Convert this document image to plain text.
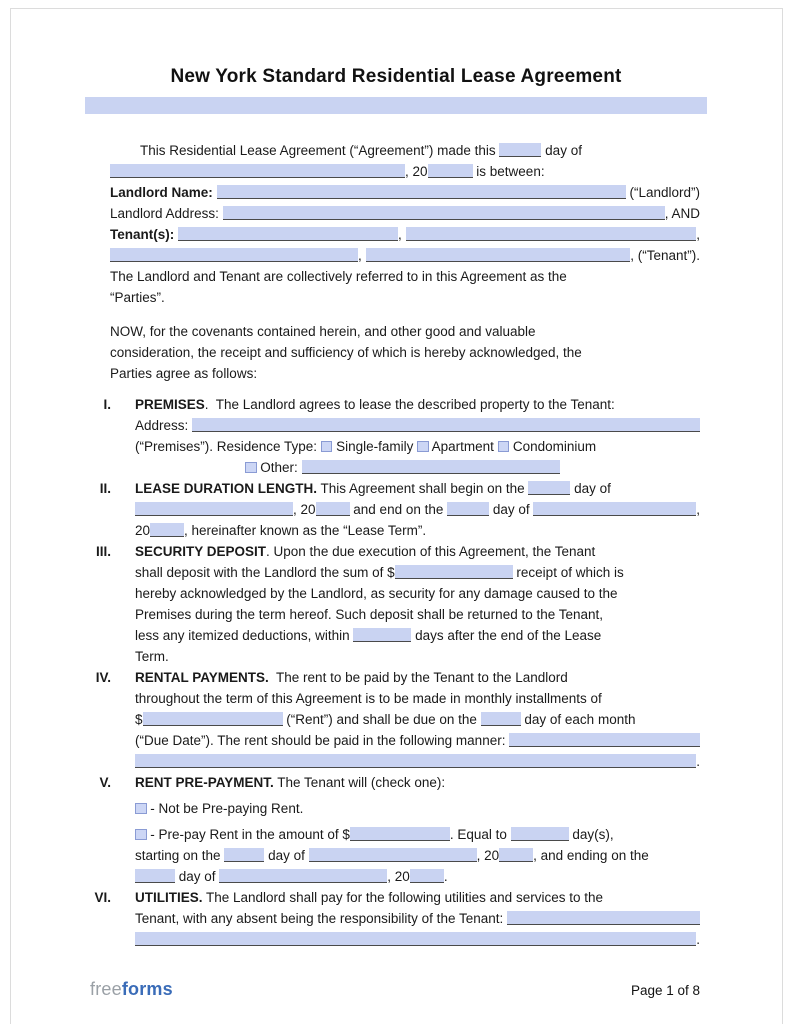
New York Standard Residential Lease Agreement
This Residential Lease Agreement (“Agreement”) made this	day of
, 20	is between:
Landlord Name:	(“Landlord”)
Landlord Address:	, AND
Tenant(s):	,	,
,	, (“Tenant”).
The Landlord and Tenant are collectively referred to in this Agreement as the
“Parties”.
NOW, for the covenants contained herein, and other good and valuable
consideration, the receipt and sufficiency of which is hereby acknowledged, the
Parties agree as follows:
I.	PREMISES .  The Landlord agrees to lease the described property to the Tenant:
Address:
(“Premises”). Residence Type: Single-family Apartment Condominium
Other:
II.	LEASE DURATION LENGTH. This Agreement shall begin on the	day of
, 20	and end on the	day of	,
20	, hereinafter known as the “Lease Term”.
III.	SECURITY DEPOSIT . Upon the due execution of this Agreement, the Tenant
shall deposit with the Landlord the sum of $	receipt of which is
hereby acknowledged by the Landlord, as security for any damage caused to the
Premises during the term hereof. Such deposit shall be returned to the Tenant,
less any itemized deductions, within	days after the end of the Lease
Term.
IV.	RENTAL PAYMENTS. The rent to be paid by the Tenant to the Landlord
throughout the term of this Agreement is to be made in monthly installments of
$	(“Rent”) and shall be due on the	day of each month
(“Due Date”). The rent should be paid in the following manner:
.
V.	RENT PRE-PAYMENT. The Tenant will (check one):
- Not be Pre-paying Rent.
- Pre-pay Rent in the amount of $	. Equal to	day(s),
starting on the	day of	, 20	, and ending on the
day of	, 20	.
VI.	UTILITIES. The Landlord shall pay for the following utilities and services to the
Tenant, with any absent being the responsibility of the Tenant:
.
freeforms	Page 1 of 8
